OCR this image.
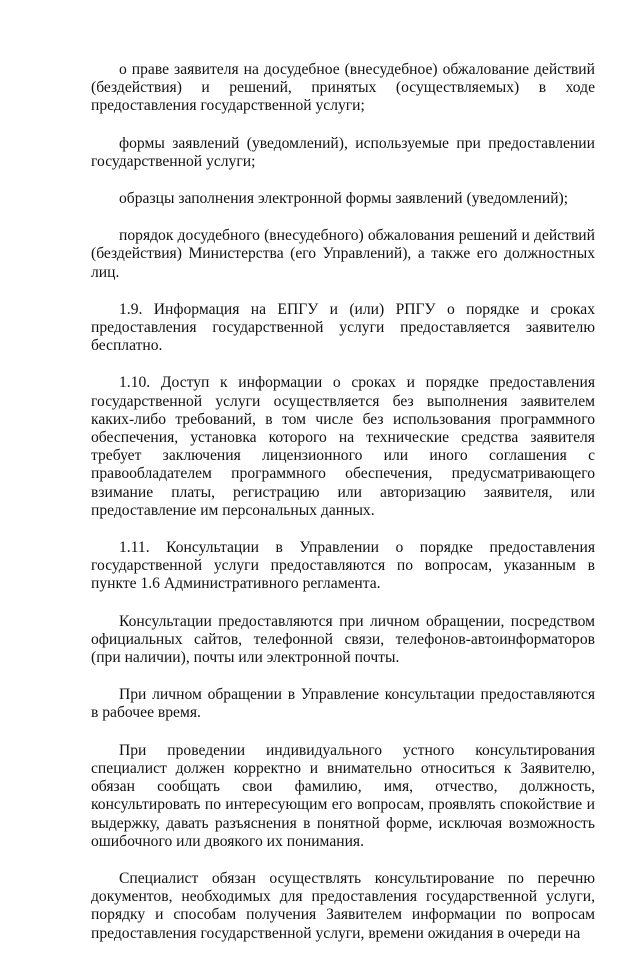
о праве заявителя на досудебное (внесудебное) обжалование действий (бездействия) и решений, принятых (осуществляемых) в ходе предоставления государственной услуги;

формы заявлений (уведомлений), используемые при предоставлении государственной услуги;

образцы заполнения электронной формы заявлений (уведомлений);

порядок досудебного (внесудебного) обжалования решений и действий (бездействия) Министерства (его Управлений), а также его должностных лиц.

1.9. Информация на ЕПГУ и (или) РПГУ о порядке и сроках предоставления государственной услуги предоставляется заявителю бесплатно.

1.10. Доступ к информации о сроках и порядке предоставления государственной услуги осуществляется без выполнения заявителем каких-либо требований, в том числе без использования программного обеспечения, установка которого на технические средства заявителя требует заключения лицензионного или иного соглашения с правообладателем программного обеспечения, предусматривающего взимание платы, регистрацию или авторизацию заявителя, или предоставление им персональных данных.

1.11. Консультации в Управлении о порядке предоставления государственной услуги предоставляются по вопросам, указанным в пункте 1.6 Административного регламента.

Консультации предоставляются при личном обращении, посредством официальных сайтов, телефонной связи, телефонов-автоинформаторов (при наличии), почты или электронной почты.

При личном обращении в Управление консультации предоставляются в рабочее время.

При проведении индивидуального устного консультирования специалист должен корректно и внимательно относиться к Заявителю, обязан сообщать свои фамилию, имя, отчество, должность, консультировать по интересующим его вопросам, проявлять спокойствие и выдержку, давать разъяснения в понятной форме, исключая возможность ошибочного или двоякого их понимания.

Специалист обязан осуществлять консультирование по перечню документов, необходимых для предоставления государственной услуги, порядку и способам получения Заявителем информации по вопросам предоставления государственной услуги, времени ожидания в очереди на
